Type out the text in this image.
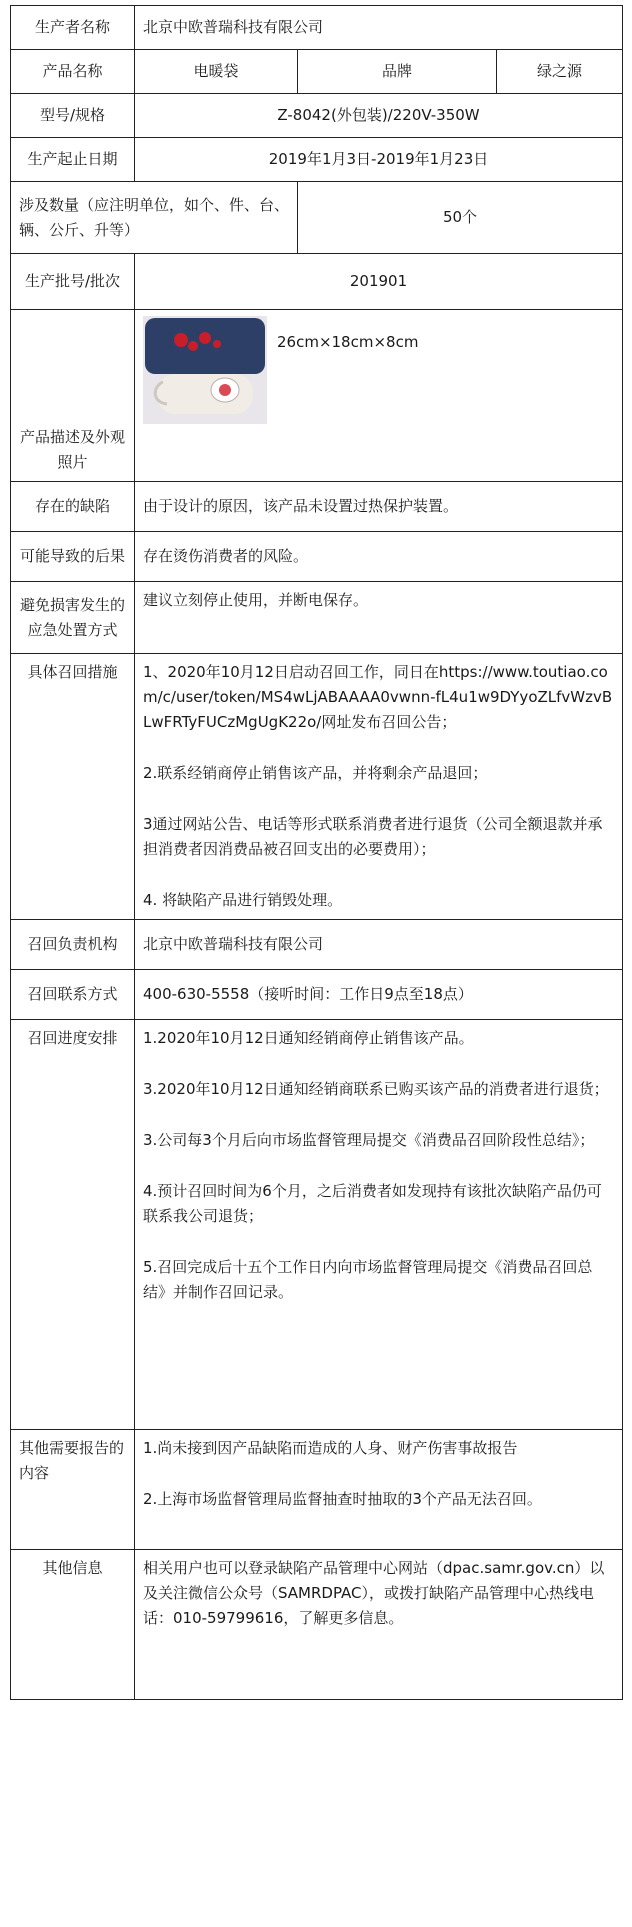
生产者名称	北京中欧普瑞科技有限公司		
产品名称	电暖袋	品牌	绿之源
型号/规格	Z-8042(外包装)/220V-350W		
生产起止日期	2019年1月3日-2019年1月23日		
涉及数量（应注明单位，如个、件、台、辆、公斤、升等）		50个	
生产批号/批次	201901		
产品描述及外观照片	26cm×18cm×8cm		

存在的缺陷	由于设计的原因，该产品未设置过热保护装置。		
可能导致的后果	存在烫伤消费者的风险。		
避免损害发生的应急处置方式	建议立刻停止使用，并断电保存。		
具体召回措施	1、2020年10月12日启动召回工作，同日在https://www.toutiao.com/c/user/token/MS4wLjABAAAA0vwnn-fL4u1w9DYyoZLfvWzvBLwFRTyFUCzMgUgK22o/网址发布召回公告；

2.联系经销商停止销售该产品，并将剩余产品退回；

3通过网站公告、电话等形式联系消费者进行退货（公司全额退款并承担消费者因消费品被召回支出的必要费用）；

4. 将缺陷产品进行销毁处理。		

召回负责机构	北京中欧普瑞科技有限公司		
召回联系方式	400-630-5558（接听时间：工作日9点至18点）		
召回进度安排	1.2020年10月12日通知经销商停止销售该产品。

3.2020年10月12日通知经销商联系已购买该产品的消费者进行退货；

3.公司每3个月后向市场监督管理局提交《消费品召回阶段性总结》；

4.预计召回时间为6个月，之后消费者如发现持有该批次缺陷产品仍可联系我公司退货；

5.召回完成后十五个工作日内向市场监督管理局提交《消费品召回总结》并制作召回记录。		

其他需要报告的内容	1.尚未接到因产品缺陷而造成的人身、财产伤害事故报告

2.上海市场监督管理局监督抽查时抽取的3个产品无法召回。		

其他信息	相关用户也可以登录缺陷产品管理中心网站（dpac.samr.gov.cn）以及关注微信公众号（SAMRDPAC），或拨打缺陷产品管理中心热线电话：010-59799616，了解更多信息。		
